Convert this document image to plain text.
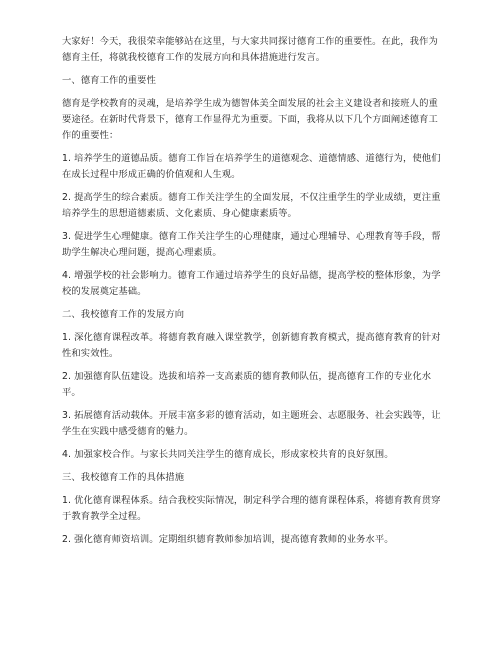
大家好！今天，我很荣幸能够站在这里，与大家共同探讨德育工作的重要性。在此，我作为德育主任，将就我校德育工作的发展方向和具体措施进行发言。

一、德育工作的重要性

德育是学校教育的灵魂，是培养学生成为德智体美全面发展的社会主义建设者和接班人的重要途径。在新时代背景下，德育工作显得尤为重要。下面，我将从以下几个方面阐述德育工作的重要性：

1. 培养学生的道德品质。德育工作旨在培养学生的道德观念、道德情感、道德行为，使他们在成长过程中形成正确的价值观和人生观。

2. 提高学生的综合素质。德育工作关注学生的全面发展，不仅注重学生的学业成绩，更注重培养学生的思想道德素质、文化素质、身心健康素质等。

3. 促进学生心理健康。德育工作关注学生的心理健康，通过心理辅导、心理教育等手段，帮助学生解决心理问题，提高心理素质。

4. 增强学校的社会影响力。德育工作通过培养学生的良好品德，提高学校的整体形象，为学校的发展奠定基础。

二、我校德育工作的发展方向

1. 深化德育课程改革。将德育教育融入课堂教学，创新德育教育模式，提高德育教育的针对性和实效性。

2. 加强德育队伍建设。选拔和培养一支高素质的德育教师队伍，提高德育工作的专业化水平。

3. 拓展德育活动载体。开展丰富多彩的德育活动，如主题班会、志愿服务、社会实践等，让学生在实践中感受德育的魅力。

4. 加强家校合作。与家长共同关注学生的德育成长，形成家校共育的良好氛围。

三、我校德育工作的具体措施

1. 优化德育课程体系。结合我校实际情况，制定科学合理的德育课程体系，将德育教育贯穿于教育教学全过程。

2. 强化德育师资培训。定期组织德育教师参加培训，提高德育教师的业务水平。
